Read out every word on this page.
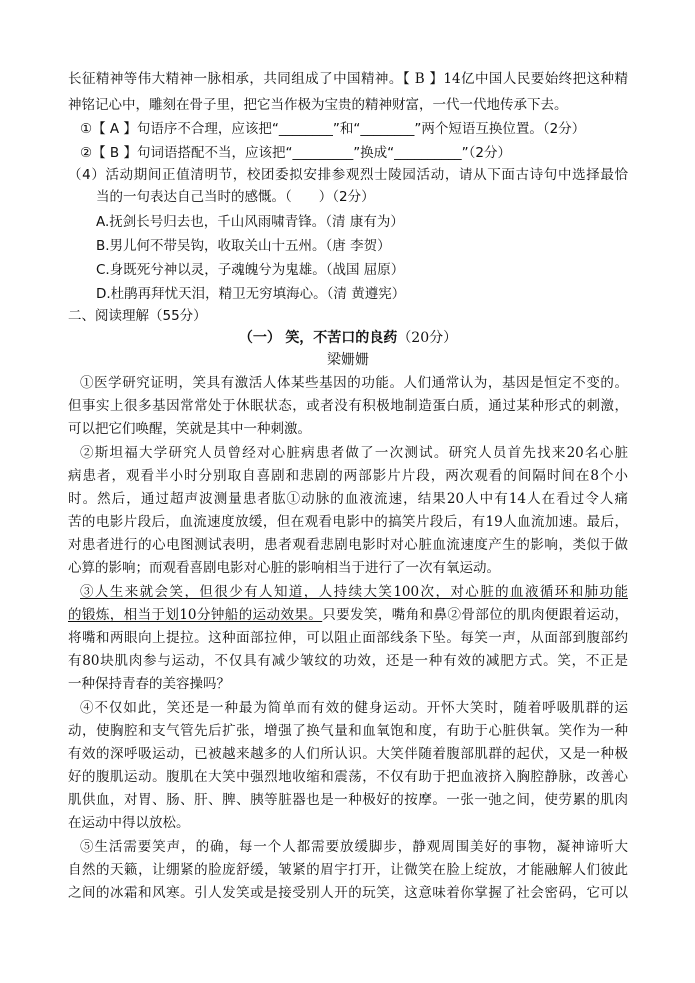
长征精神等伟大精神一脉相承，共同组成了中国精神。【 B 】14亿中国人民要始终把这种精
神铭记心中，雕刻在骨子里，把它当作极为宝贵的精神财富，一代一代地传承下去。
①【 A 】句语序不合理，应该把“________”和“________”两个短语互换位置。（2分）
②【 B 】句词语搭配不当，应该把“_________”换成“__________”（2分）
（4）活动期间正值清明节，校团委拟安排参观烈士陵园活动，请从下面古诗句中选择最恰
当的一句表达自己当时的感慨。（　　）（2分）
A.抚剑长号归去也，千山风雨啸青锋。（清 康有为）
B.男儿何不带吴钩，收取关山十五州。（唐 李贺）
C.身既死兮神以灵，子魂魄兮为鬼雄。（战国 屈原）
D.杜鹃再拜忧天泪，精卫无穷填海心。（清 黄遵宪）
二、阅读理解（55分）
（一） 笑，不苦口的良药（20分）
梁姗姗
①医学研究证明，笑具有激活人体某些基因的功能。人们通常认为，基因是恒定不变的。
但事实上很多基因常常处于休眠状态，或者没有积极地制造蛋白质，通过某种形式的刺激，
可以把它们唤醒，笑就是其中一种刺激。
②斯坦福大学研究人员曾经对心脏病患者做了一次测试。研究人员首先找来20名心脏
病患者，观看半小时分别取自喜剧和悲剧的两部影片片段，两次观看的间隔时间在8个小
时。然后，通过超声波测量患者肱①动脉的血液流速，结果20人中有14人在看过令人痛
苦的电影片段后，血流速度放缓，但在观看电影中的搞笑片段后，有19人血流加速。最后，
对患者进行的心电图测试表明，患者观看悲剧电影时对心脏血流速度产生的影响，类似于做
心算的影响；而观看喜剧电影对心脏的影响相当于进行了一次有氧运动。
③人生来就会笑，但很少有人知道，人持续大笑100次，对心脏的血液循环和肺功能
的锻炼，相当于划10分钟船的运动效果。只要发笑，嘴角和鼻②骨部位的肌肉便跟着运动，
将嘴和两眼向上提拉。这种面部拉伸，可以阻止面部线条下坠。每笑一声，从面部到腹部约
有80块肌肉参与运动，不仅具有减少皱纹的功效，还是一种有效的减肥方式。笑，不正是
一种保持青春的美容操吗？
④不仅如此，笑还是一种最为简单而有效的健身运动。开怀大笑时，随着呼吸肌群的运
动，使胸腔和支气管先后扩张，增强了换气量和血氧饱和度，有助于心脏供氧。笑作为一种
有效的深呼吸运动，已被越来越多的人们所认识。大笑伴随着腹部肌群的起伏，又是一种极
好的腹肌运动。腹肌在大笑中强烈地收缩和震荡，不仅有助于把血液挤入胸腔静脉，改善心
肌供血，对胃、肠、肝、脾、胰等脏器也是一种极好的按摩。一张一弛之间，使劳累的肌肉
在运动中得以放松。
⑤生活需要笑声，的确，每一个人都需要放缓脚步，静观周围美好的事物，凝神谛听大
自然的天籁，让绷紧的脸庞舒缓，皱紧的眉宇打开，让微笑在脸上绽放，才能融解人们彼此
之间的冰霜和风寒。引人发笑或是接受别人开的玩笑，这意味着你掌握了社会密码，它可以
